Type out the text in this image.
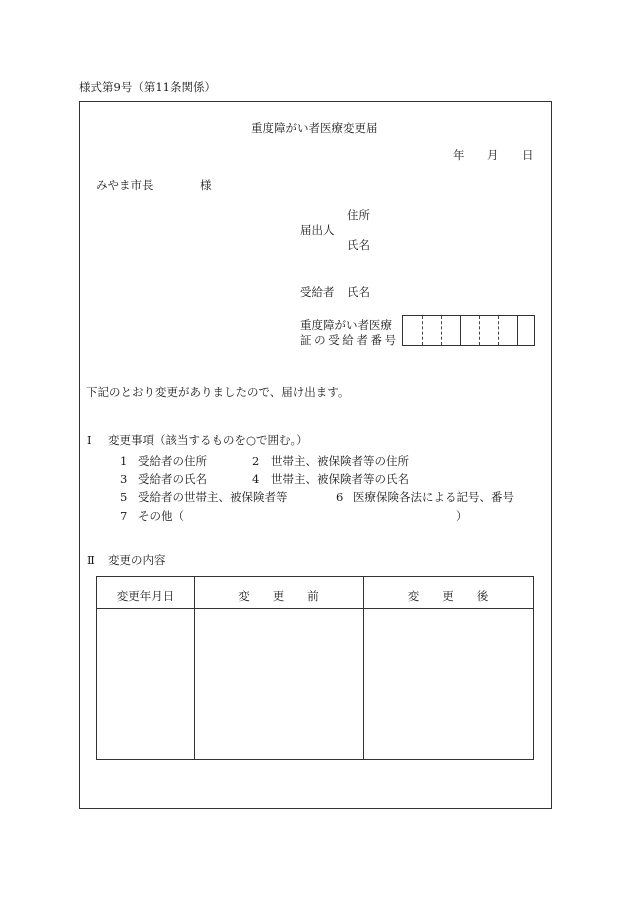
様式第9号（第11条関係）
重度障がい者医療変更届
年 月 日
みやま市長	様
住所
届出人
氏名
受給者 氏名
重度障がい者医療
証の受給者番号
下記のとおり変更がありましたので、届け出ます。
Ⅰ 変更事項（該当するものを○で囲む。）
1 受給者の住所	2 世帯主、被保険者等の住所
3 受給者の氏名	4 世帯主、被保険者等の氏名
5 受給者の世帯主、被保険者等	6 医療保険各法による記号、番号
7 その他（	）
Ⅱ 変更の内容
変更年月日	変　　更　　前	変　　更　　後
